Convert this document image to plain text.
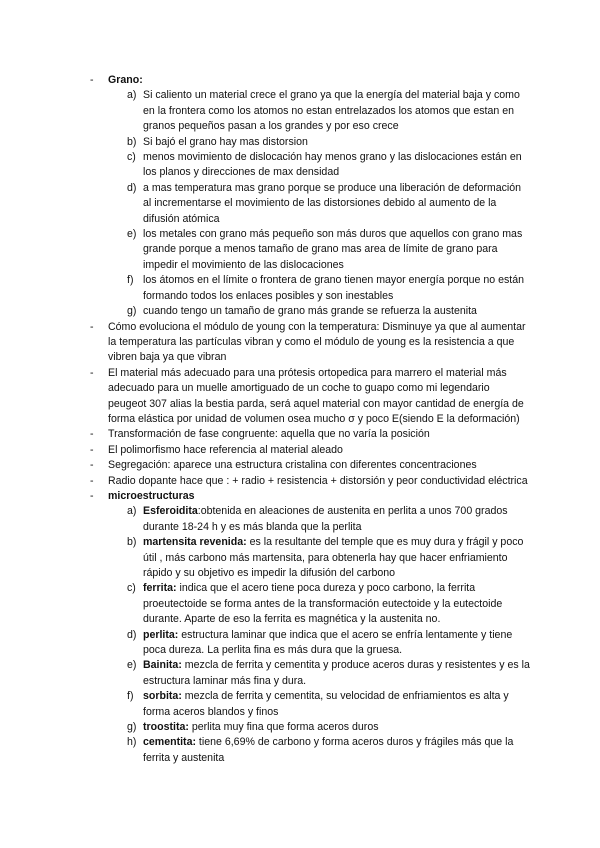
- Grano:
a) Si caliento un material crece el grano ya que la energía del material baja y como en la frontera como los atomos no estan entrelazados los atomos que estan en granos pequeños pasan a los grandes y por eso crece
b) Si bajó el grano hay mas distorsion
c) menos movimiento de dislocación hay menos grano y las dislocaciones están en los planos y direcciones de max densidad
d) a mas temperatura mas grano porque se produce una liberación de deformación al incrementarse el movimiento de las distorsiones debido al aumento de la difusión atómica
e) los metales con grano más pequeño son más duros que aquellos con grano mas grande porque a menos tamaño de grano mas area de límite de grano para impedir el movimiento de las dislocaciones
f) los átomos en el límite o frontera de grano tienen mayor energía porque no están formando todos los enlaces posibles y son inestables
g) cuando tengo un tamaño de grano más grande se refuerza la austenita
- Cómo evoluciona el módulo de young con la temperatura: Disminuye ya que al aumentar la temperatura las partículas vibran y como el módulo de young es la resistencia a que vibren baja ya que vibran
- El material más adecuado para una prótesis ortopedica para marrero el material más adecuado para un muelle amortiguado de un coche to guapo como mi legendario peugeot 307 alias la bestia parda, será aquel material con mayor cantidad de energía de forma elástica por unidad de volumen osea mucho σ y poco E(siendo E la deformación)
- Transformación de fase congruente: aquella que no varía la posición
- El polimorfismo hace referencia al material aleado
- Segregación: aparece una estructura cristalina con diferentes concentraciones
- Radio dopante hace que : + radio + resistencia + distorsión y peor conductividad eléctrica
- microestructuras
a) Esferoidita:obtenida en aleaciones de austenita en perlita a unos 700 grados durante 18-24 h y es más blanda que la perlita
b) martensita revenida: es la resultante del temple que es muy dura y frágil y poco útil , más carbono más martensita, para obtenerla hay que hacer enfriamiento rápido y su objetivo es impedir la difusión del carbono
c) ferrita: indica que el acero tiene poca dureza y poco carbono, la ferrita proeutectoide se forma antes de la transformación eutectoide y la eutectoide durante. Aparte de eso la ferrita es magnética y la austenita no.
d) perlita: estructura laminar que indica que el acero se enfría lentamente y tiene poca dureza. La perlita fina es más dura que la gruesa.
e) Bainita: mezcla de ferrita y cementita y produce aceros duras y resistentes y es la estructura laminar más fina y dura.
f) sorbita: mezcla de ferrita y cementita, su velocidad de enfriamientos es alta y forma aceros blandos y finos
g) troostita: perlita muy fina que forma aceros duros
h) cementita: tiene 6,69% de carbono y forma aceros duros y frágiles más que la ferrita y austenita
